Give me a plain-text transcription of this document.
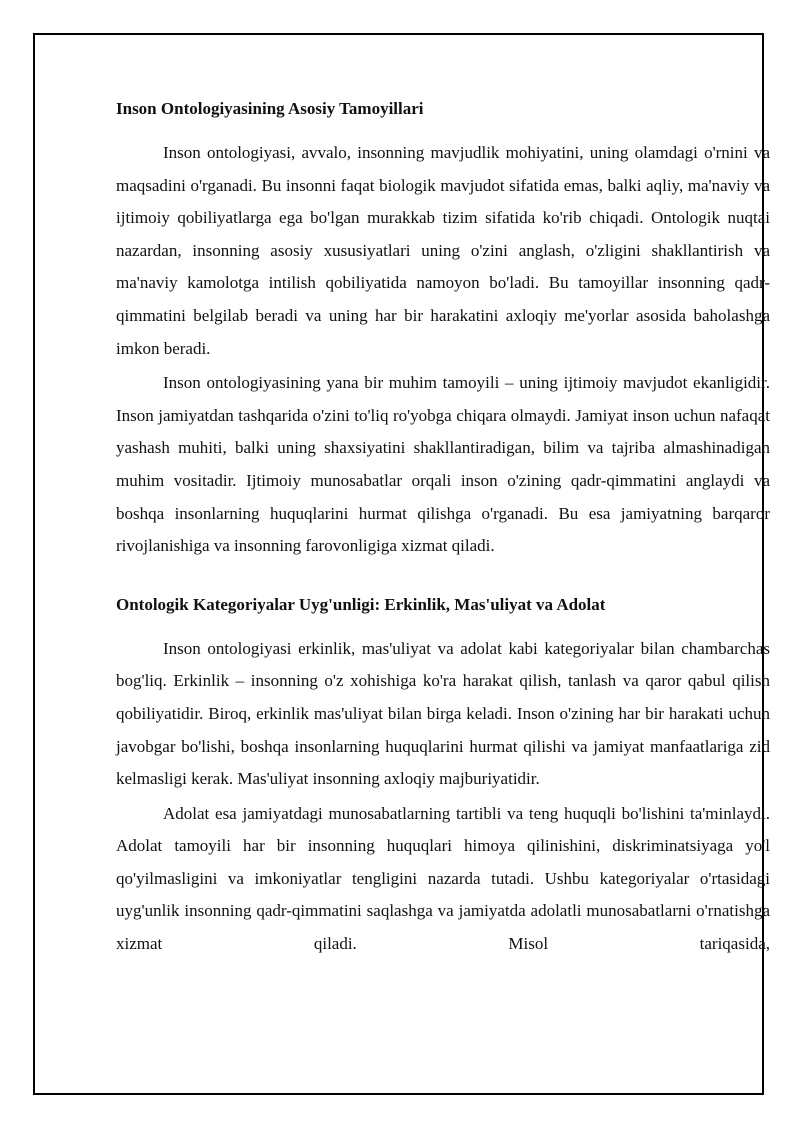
Inson Ontologiyasining Asosiy Tamoyillari

Inson ontologiyasi, avvalo, insonning mavjudlik mohiyatini, uning olamdagi o'rnini va maqsadini o'rganadi. Bu insonni faqat biologik mavjudot sifatida emas, balki aqliy, ma'naviy va ijtimoiy qobiliyatlarga ega bo'lgan murakkab tizim sifatida ko'rib chiqadi. Ontologik nuqtai nazardan, insonning asosiy xususiyatlari uning o'zini anglash, o'zligini shakllantirish va ma'naviy kamolotga intilish qobiliyatida namoyon bo'ladi. Bu tamoyillar insonning qadr-qimmatini belgilab beradi va uning har bir harakatini axloqiy me'yorlar asosida baholashga imkon beradi.

Inson ontologiyasining yana bir muhim tamoyili – uning ijtimoiy mavjudot ekanligidir. Inson jamiyatdan tashqarida o'zini to'liq ro'yobga chiqara olmaydi. Jamiyat inson uchun nafaqat yashash muhiti, balki uning shaxsiyatini shakllantiradigan, bilim va tajriba almashinadigan muhim vositadir. Ijtimoiy munosabatlar orqali inson o'zining qadr-qimmatini anglaydi va boshqa insonlarning huquqlarini hurmat qilishga o'rganadi. Bu esa jamiyatning barqaror rivojlanishiga va insonning farovonligiga xizmat qiladi.

Ontologik Kategoriyalar Uyg'unligi: Erkinlik, Mas'uliyat va Adolat

Inson ontologiyasi erkinlik, mas'uliyat va adolat kabi kategoriyalar bilan chambarchas bog'liq. Erkinlik – insonning o'z xohishiga ko'ra harakat qilish, tanlash va qaror qabul qilish qobiliyatidir. Biroq, erkinlik mas'uliyat bilan birga keladi. Inson o'zining har bir harakati uchun javobgar bo'lishi, boshqa insonlarning huquqlarini hurmat qilishi va jamiyat manfaatlariga zid kelmasligi kerak. Mas'uliyat insonning axloqiy majburiyatidir.

Adolat esa jamiyatdagi munosabatlarning tartibli va teng huquqli bo'lishini ta'minlaydi. Adolat tamoyili har bir insonning huquqlari himoya qilinishini, diskriminatsiyaga yo'l qo'yilmasligini va imkoniyatlar tengligini nazarda tutadi. Ushbu kategoriyalar o'rtasidagi uyg'unlik insonning qadr-qimmatini saqlashga va jamiyatda adolatli munosabatlarni o'rnatishga xizmat qiladi. Misol tariqasida,
